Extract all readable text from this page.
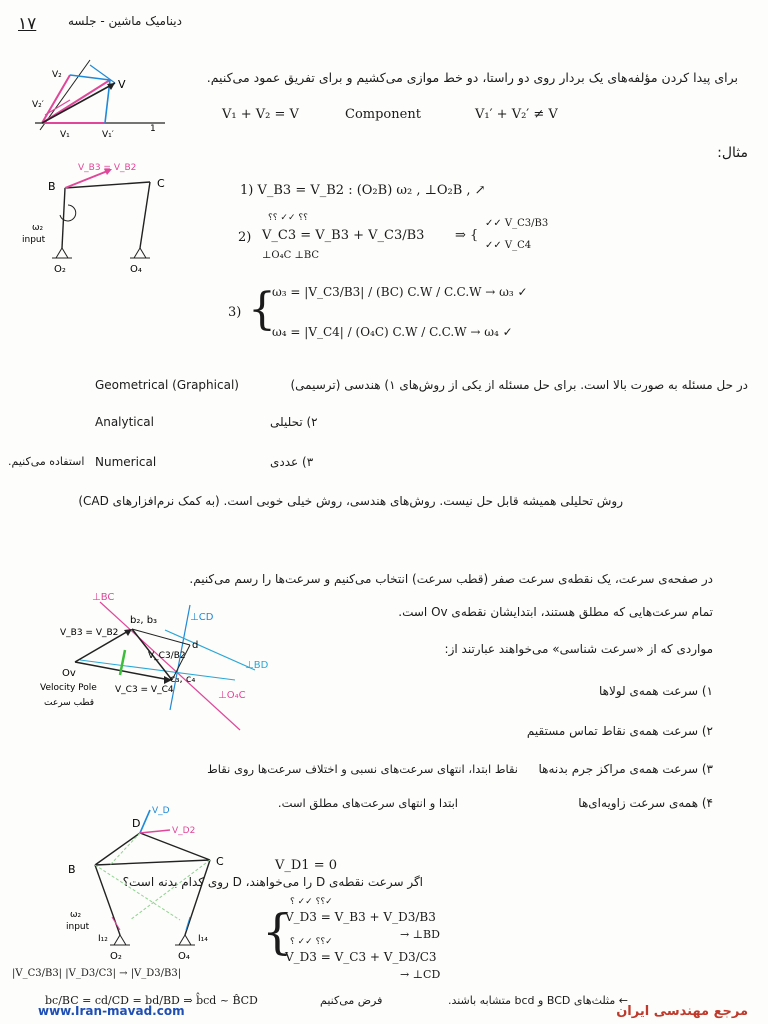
۱۷	دینامیک ماشین - جلسه
V
V₂
V₂′
V₁	V₁′
1
برای پیدا کردن مؤلفه‌های یک بردار روی دو راستا، دو خط موازی می‌کشیم و برای تفریق عمود می‌کنیم.
V₁ + V₂ = V	Component	V₁′ + V₂′ ≠ V
مثال:
B	C
V_B3 = V_B2
ω₂
input
O₂	O₄
1) V_B3 = V_B2 : (O₂B) ω₂ , ⊥O₂B , ↗
2)
؟؟ ✓✓ ؟؟
V_C3 = V_B3 + V_C3/B3
⊥O₄C ⊥BC
⇒ {
✓✓ V_C3/B3
✓✓ V_C4
3) {
ω₃ = |V_C3/B3| / (BC) C.W / C.C.W → ω₃ ✓
ω₄ = |V_C4| / (O₄C) C.W / C.C.W → ω₄ ✓
در حل مسئله به صورت بالا است. برای حل مسئله از یکی از روش‌های ۱) هندسی (ترسیمی)
Geometrical (Graphical)
Analytical	۲) تحلیلی
Numerical	۳) عددی
استفاده می‌کنیم.
روش تحلیلی همیشه قابل حل نیست. روش‌های هندسی، روش خیلی خوبی است. (به کمک نرم‌افزارهای CAD)
در صفحه‌ی سرعت، یک نقطه‌ی سرعت صفر (قطب سرعت) انتخاب می‌کنیم و سرعت‌ها را رسم می‌کنیم.
تمام سرعت‌هایی که مطلق هستند، ابتدایشان نقطه‌ی Ov است.
مواردی که از «سرعت شناسی» می‌خواهند عبارتند از:
۱) سرعت همه‌ی لولاها
۲) سرعت همه‌ی نقاط تماس مستقیم
۳) سرعت همه‌ی مراکز جرم بدنه‌ها
۴) همه‌ی سرعت زاویه‌ای‌ها
نقاط ابتدا، انتهای سرعت‌های نسبی و اختلاف سرعت‌ها روی نقاط
ابتدا و انتهای سرعت‌های مطلق است.
⊥BC
⊥CD
⊥BD
⊥O₄C
b₂, b₃
d
c₃, c₄
V_B3 = V_B2
V_C3/B2
V_C3 = V_C4
Ov
Velocity Pole
قطب سرعت
D
V_D
V_D2
B
C
ω₂
input
I₁₂	I₁₄
O₂	O₄
V_D1 = 0
اگر سرعت نقطه‌ی D را می‌خواهند، D روی کدام بدنه است؟
{
؟؟ ✓✓ ؟✓
V_D3 = V_B3 + V_D3/B3
→ ⊥BD
؟؟ ✓✓ ؟✓
V_D3 = V_C3 + V_D3/C3
→ ⊥CD
|V_C3/B3| |V_D3/C3| → |V_D3/B3|
bc/BC = cd/CD = bd/BD ⇒ b̂cd ~ B̂CD	فرض می‌کنیم	← مثلث‌های BCD و bcd متشابه باشند.
www.Iran-mavad.com	مرجع مهندسی ایران
